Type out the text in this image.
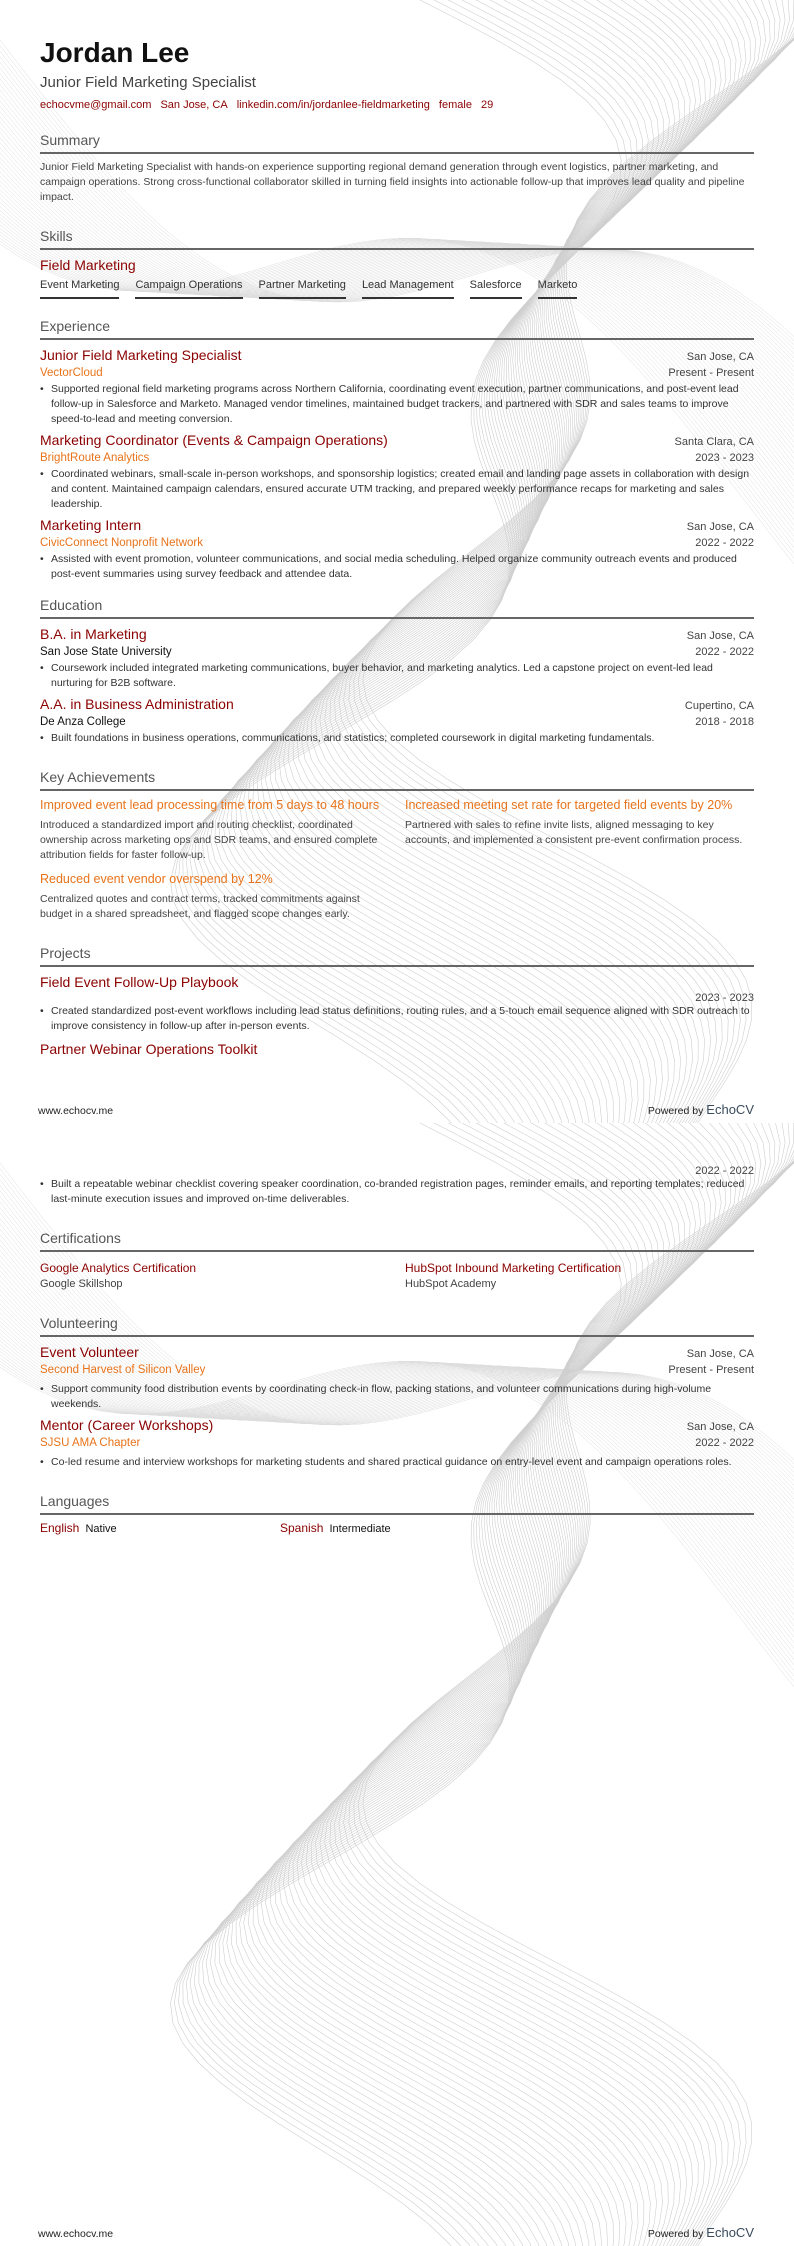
Jordan Lee
Junior Field Marketing Specialist
echocvme@gmail.com San Jose, CA linkedin.com/in/jordanlee-fieldmarketing female 29
Summary
Junior Field Marketing Specialist with hands-on experience supporting regional demand generation through event logistics, partner marketing, and campaign operations. Strong cross-functional collaborator skilled in turning field insights into actionable follow-up that improves lead quality and pipeline impact.
Skills
Field Marketing
Event Marketing Campaign Operations Partner Marketing Lead Management Salesforce Marketo
Experience
Junior Field Marketing Specialist	San Jose, CA
VectorCloud	Present - Present
• Supported regional field marketing programs across Northern California, coordinating event execution, partner communications, and post-event lead follow-up in Salesforce and Marketo. Managed vendor timelines, maintained budget trackers, and partnered with SDR and sales teams to improve speed-to-lead and meeting conversion.
Marketing Coordinator (Events & Campaign Operations)	Santa Clara, CA
BrightRoute Analytics	2023 - 2023
• Coordinated webinars, small-scale in-person workshops, and sponsorship logistics; created email and landing page assets in collaboration with design and content. Maintained campaign calendars, ensured accurate UTM tracking, and prepared weekly performance recaps for marketing and sales leadership.
Marketing Intern	San Jose, CA
CivicConnect Nonprofit Network	2022 - 2022
• Assisted with event promotion, volunteer communications, and social media scheduling. Helped organize community outreach events and produced post-event summaries using survey feedback and attendee data.
Education
B.A. in Marketing	San Jose, CA
San Jose State University	2022 - 2022
• Coursework included integrated marketing communications, buyer behavior, and marketing analytics. Led a capstone project on event-led lead nurturing for B2B software.
A.A. in Business Administration	Cupertino, CA
De Anza College	2018 - 2018
• Built foundations in business operations, communications, and statistics; completed coursework in digital marketing fundamentals.
Key Achievements
Improved event lead processing time from 5 days to 48 hours
Introduced a standardized import and routing checklist, coordinated ownership across marketing ops and SDR teams, and ensured complete attribution fields for faster follow-up.
Increased meeting set rate for targeted field events by 20%
Partnered with sales to refine invite lists, aligned messaging to key accounts, and implemented a consistent pre-event confirmation process.
Reduced event vendor overspend by 12%
Centralized quotes and contract terms, tracked commitments against budget in a shared spreadsheet, and flagged scope changes early.
Projects
Field Event Follow-Up Playbook
2023 - 2023
• Created standardized post-event workflows including lead status definitions, routing rules, and a 5-touch email sequence aligned with SDR outreach to improve consistency in follow-up after in-person events.
Partner Webinar Operations Toolkit
www.echocv.me	Powered by EchoCV
2022 - 2022
• Built a repeatable webinar checklist covering speaker coordination, co-branded registration pages, reminder emails, and reporting templates; reduced last-minute execution issues and improved on-time deliverables.
Certifications
Google Analytics Certification
Google Skillshop
HubSpot Inbound Marketing Certification
HubSpot Academy
Volunteering
Event Volunteer	San Jose, CA
Second Harvest of Silicon Valley	Present - Present
• Support community food distribution events by coordinating check-in flow, packing stations, and volunteer communications during high-volume weekends.
Mentor (Career Workshops)	San Jose, CA
SJSU AMA Chapter	2022 - 2022
• Co-led resume and interview workshops for marketing students and shared practical guidance on entry-level event and campaign operations roles.
Languages
English Native	Spanish Intermediate
www.echocv.me	Powered by EchoCV
